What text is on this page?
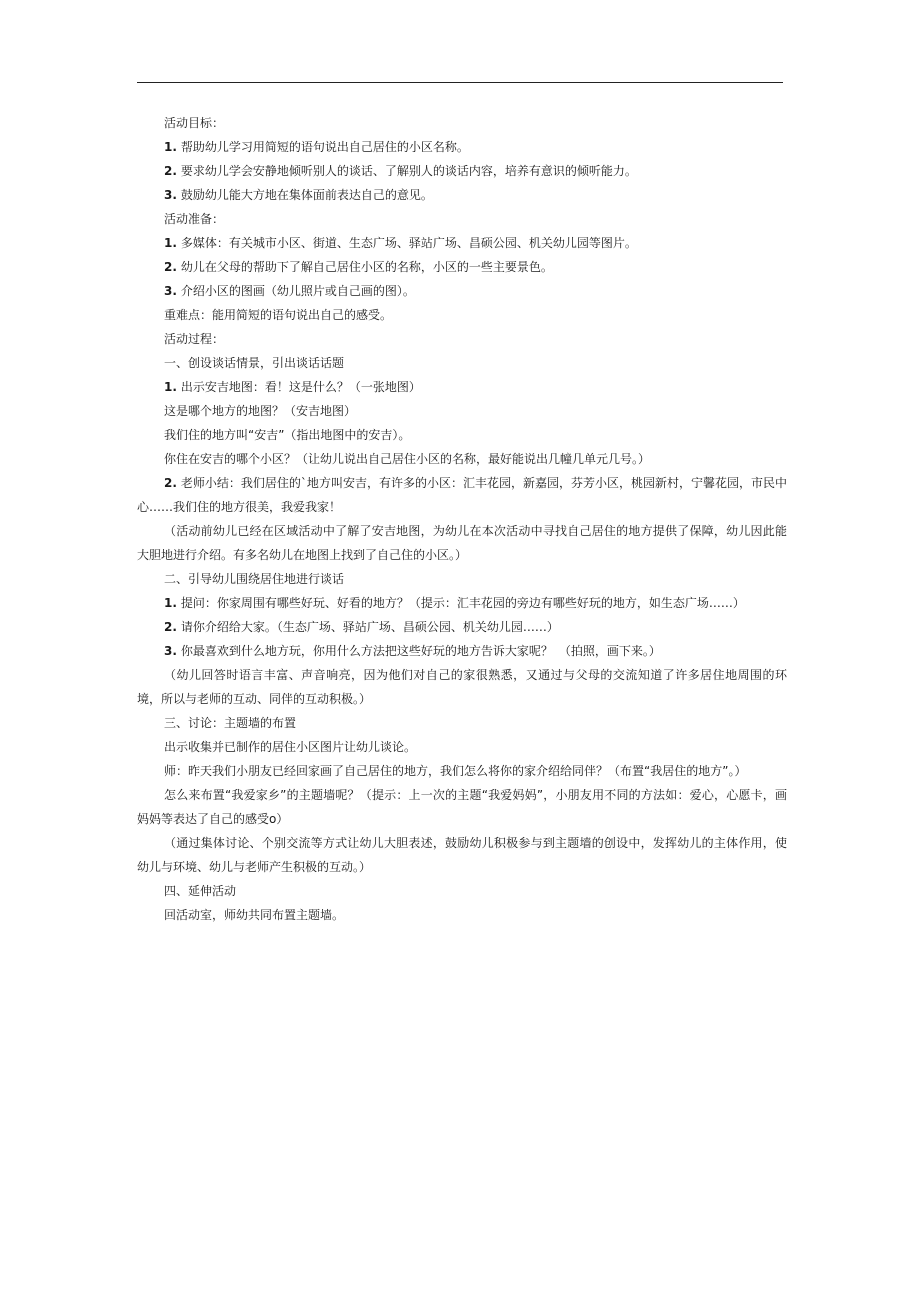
活动目标：

1. 帮助幼儿学习用简短的语句说出自己居住的小区名称。

2. 要求幼儿学会安静地倾听别人的谈话、了解别人的谈话内容，培养有意识的倾听能力。

3. 鼓励幼儿能大方地在集体面前表达自己的意见。

活动准备：

1. 多媒体：有关城市小区、街道、生态广场、驿站广场、昌硕公园、机关幼儿园等图片。

2. 幼儿在父母的帮助下了解自己居住小区的名称，小区的一些主要景色。

3. 介绍小区的图画（幼儿照片或自己画的图）。

重难点：能用简短的语句说出自己的感受。

活动过程：

一、创设谈话情景，引出谈话话题

1. 出示安吉地图：看！这是什么？（一张地图）

这是哪个地方的地图？（安吉地图）

我们住的地方叫“安吉”（指出地图中的安吉）。

你住在安吉的哪个小区？（让幼儿说出自己居住小区的名称，最好能说出几幢几单元几号。）

2. 老师小结：我们居住的`地方叫安吉，有许多的小区：汇丰花园，新嘉园，芬芳小区，桃园新村，宁馨花园，市民中心……我们住的地方很美，我爱我家！

（活动前幼儿已经在区域活动中了解了安吉地图，为幼儿在本次活动中寻找自己居住的地方提供了保障，幼儿因此能大胆地进行介绍。有多名幼儿在地图上找到了自己住的小区。）

二、引导幼儿围绕居住地进行谈话

1. 提问：你家周围有哪些好玩、好看的地方？（提示：汇丰花园的旁边有哪些好玩的地方，如生态广场……）

2. 请你介绍给大家。（生态广场、驿站广场、昌硕公园、机关幼儿园……）

3. 你最喜欢到什么地方玩，你用什么方法把这些好玩的地方告诉大家呢？　（拍照，画下来。）

（幼儿回答时语言丰富、声音响亮，因为他们对自己的家很熟悉，又通过与父母的交流知道了许多居住地周围的环境，所以与老师的互动、同伴的互动积极。）

三、讨论：主题墙的布置

出示收集并已制作的居住小区图片让幼儿谈论。

师：昨天我们小朋友已经回家画了自己居住的地方，我们怎么将你的家介绍给同伴？（布置“我居住的地方”。）

怎么来布置“我爱家乡”的主题墙呢？（提示：上一次的主题“我爱妈妈”，小朋友用不同的方法如：爱心，心愿卡，画妈妈等表达了自己的感受o）

（通过集体讨论、个别交流等方式让幼儿大胆表述，鼓励幼儿积极参与到主题墙的创设中，发挥幼儿的主体作用，使幼儿与环境、幼儿与老师产生积极的互动。）

四、延伸活动

回活动室，师幼共同布置主题墙。
